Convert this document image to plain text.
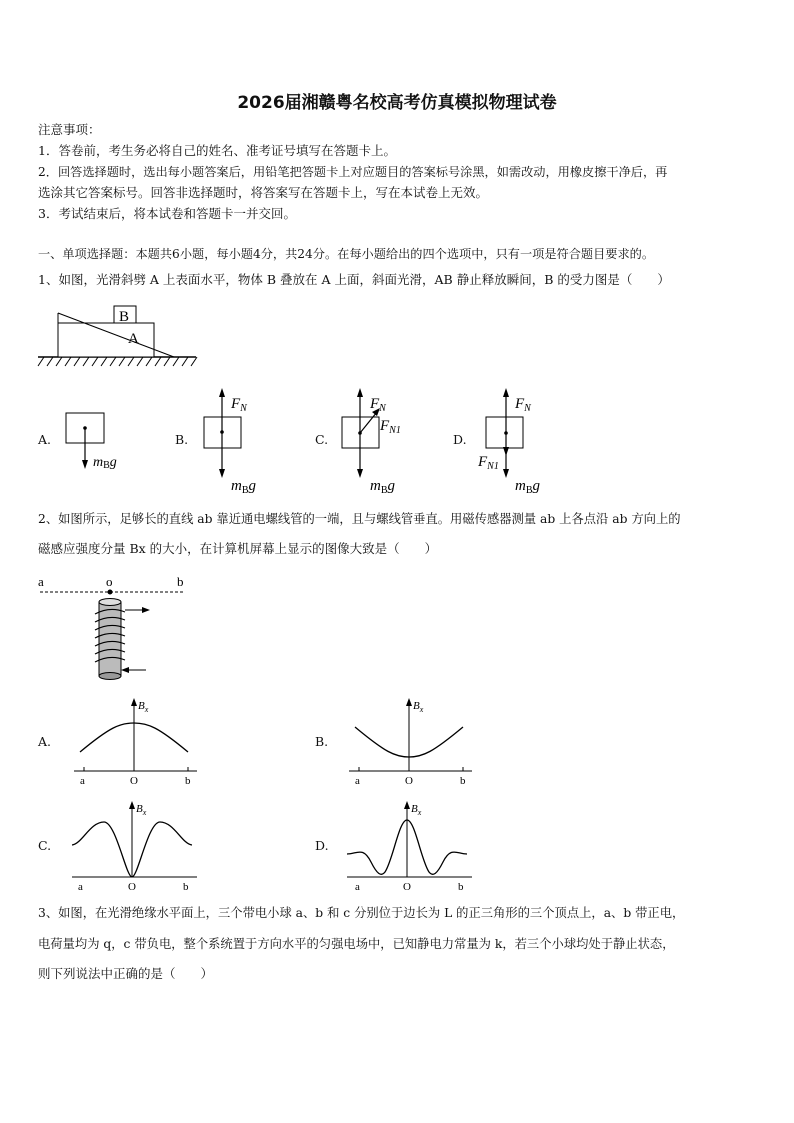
2026届湘赣粤名校高考仿真模拟物理试卷
注意事项：
1．答卷前，考生务必将自己的姓名、准考证号填写在答题卡上。
2．回答选择题时，选出每小题答案后，用铅笔把答题卡上对应题目的答案标号涂黑，如需改动，用橡皮擦干净后，再
选涂其它答案标号。回答非选择题时，将答案写在答题卡上，写在本试卷上无效。
3．考试结束后，将本试卷和答题卡一并交回。
一、单项选择题：本题共6小题，每小题4分，共24分。在每小题给出的四个选项中，只有一项是符合题目要求的。
1、如图，光滑斜劈 A 上表面水平，物体 B 叠放在 A 上面，斜面光滑，AB 静止释放瞬间，B 的受力图是（　　）
B
A
A.
mBg
B.
$F_N$
$m_Bg$
C.
$F_N$
$F_{N1}$
$m_Bg$
D.
$F_N$
$F_{N1}$
$m_Bg$
2、如图所示，足够长的直线 ab 靠近通电螺线管的一端，且与螺线管垂直。用磁传感器测量 ab 上各点沿 ab 方向上的
磁感应强度分量 Bx 的大小，在计算机屏幕上显示的图像大致是（　　）
a	o	b
A.
$B_x$
a	O	b
B.
$B_x$
a	O	b
C.
$B_x$
a	O	b
D.
$B_x$
a	O	b
3、如图，在光滑绝缘水平面上，三个带电小球 a、b 和 c 分别位于边长为 L 的正三角形的三个顶点上，a、b 带正电，
电荷量均为 q，c 带负电，整个系统置于方向水平的匀强电场中，已知静电力常量为 k，若三个小球均处于静止状态，
则下列说法中正确的是（　　）
